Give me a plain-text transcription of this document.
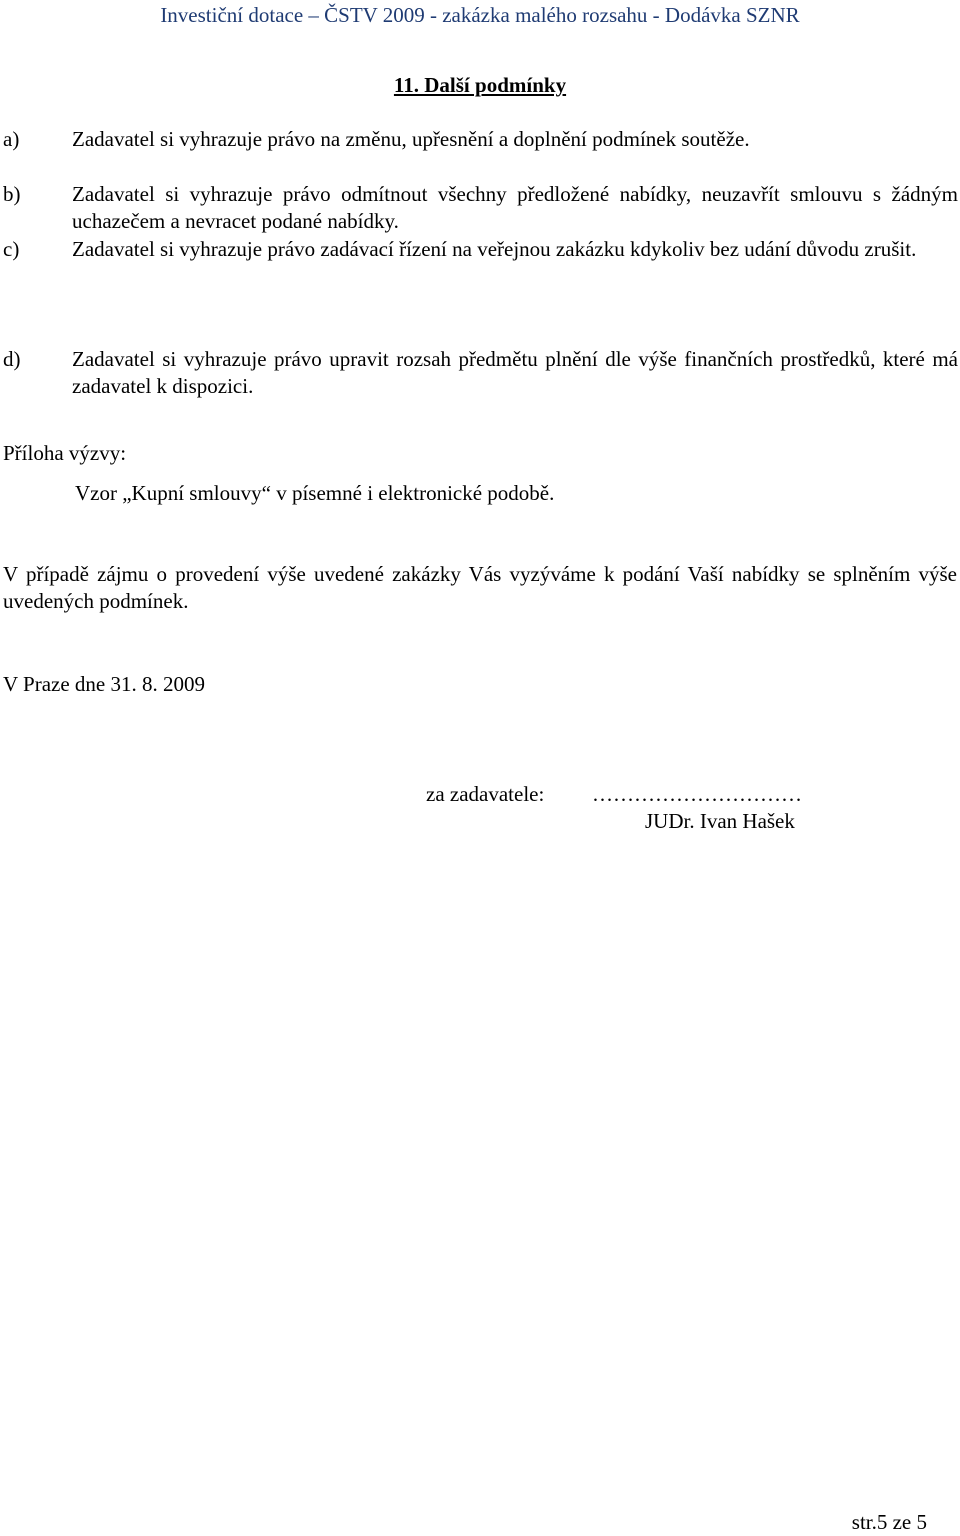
Investiční dotace – ČSTV 2009 - zakázka malého rozsahu - Dodávka SZNR
11. Další podmínky
a)	Zadavatel si vyhrazuje právo na změnu, upřesnění a doplnění podmínek soutěže.
b) Zadavatel si vyhrazuje právo odmítnout všechny předložené nabídky, neuzavřít smlouvu s žádným uchazečem a nevracet podané nabídky.
c)	Zadavatel si vyhrazuje právo zadávací řízení na veřejnou zakázku kdykoliv bez udání důvodu zrušit.
d) Zadavatel si vyhrazuje právo upravit rozsah předmětu plnění dle výše finančních prostředků, které má zadavatel k dispozici.
Příloha výzvy:
Vzor „Kupní smlouvy“ v písemné i elektronické podobě.
V případě zájmu o provedení výše uvedené zakázky Vás vyzýváme k podání Vaší nabídky se splněním výše uvedených podmínek.
V Praze dne 31. 8. 2009
za zadavatele: …………………………
JUDr. Ivan Hašek
str.5 ze 5
